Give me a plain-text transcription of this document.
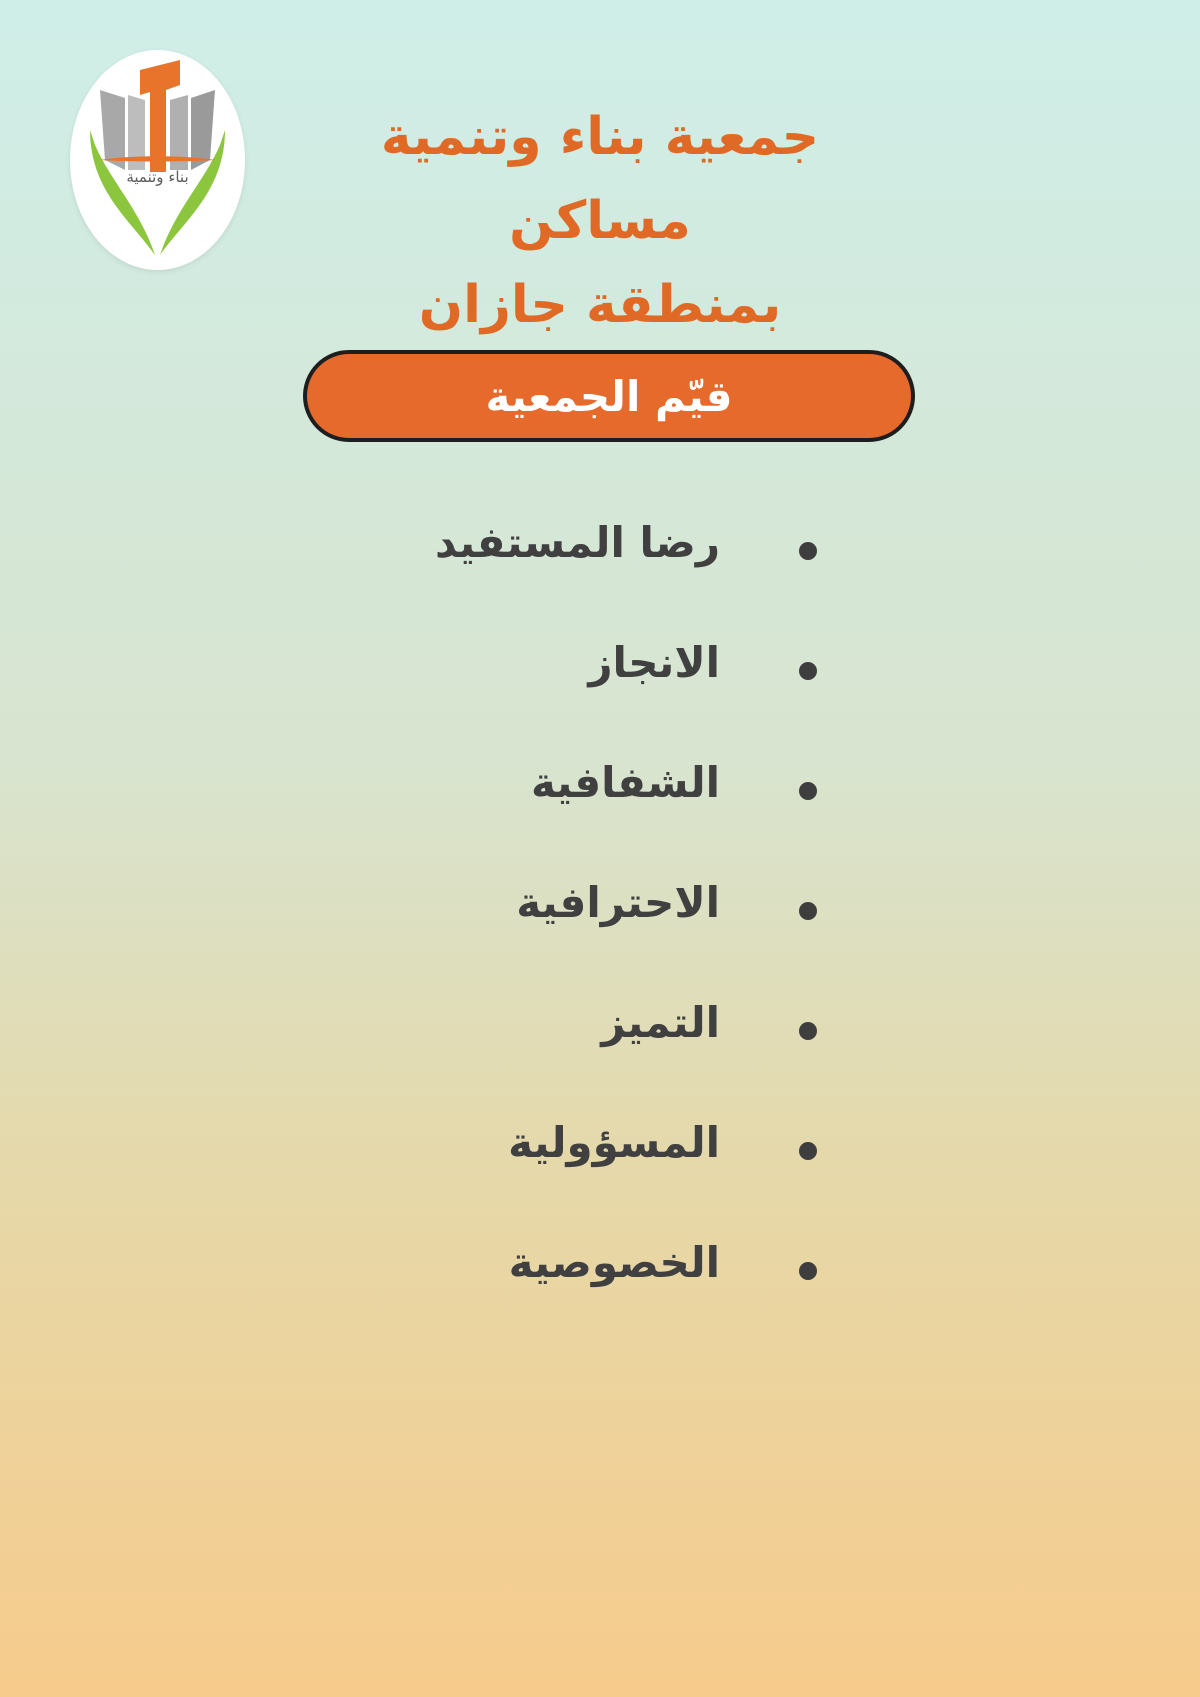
بناء وتنمية
جمعية بناء وتنمية مساكن
بمنطقة جازان
قيّم الجمعية
رضا المستفيد
الانجاز
الشفافية
الاحترافية
التميز
المسؤولية
الخصوصية
